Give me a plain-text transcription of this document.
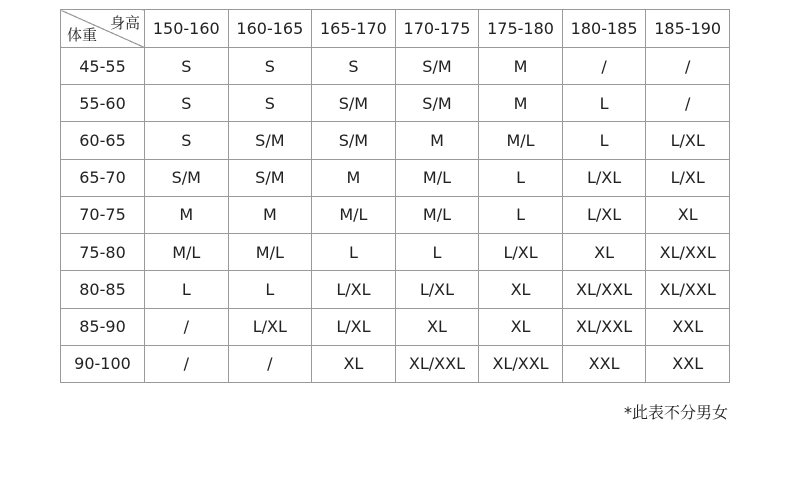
身高
体重	150-160	160-165	165-170	170-175	175-180	180-185	185-190
45-55	S	S	S	S/M	M	/	/
55-60	S	S	S/M	S/M	M	L	/
60-65	S	S/M	S/M	M	M/L	L	L/XL
65-70	S/M	S/M	M	M/L	L	L/XL	L/XL
70-75	M	M	M/L	M/L	L	L/XL	XL
75-80	M/L	M/L	L	L	L/XL	XL	XL/XXL
80-85	L	L	L/XL	L/XL	XL	XL/XXL	XL/XXL
85-90	/	L/XL	L/XL	XL	XL	XL/XXL	XXL
90-100	/	/	XL	XL/XXL	XL/XXL	XXL	XXL
*此表不分男女
